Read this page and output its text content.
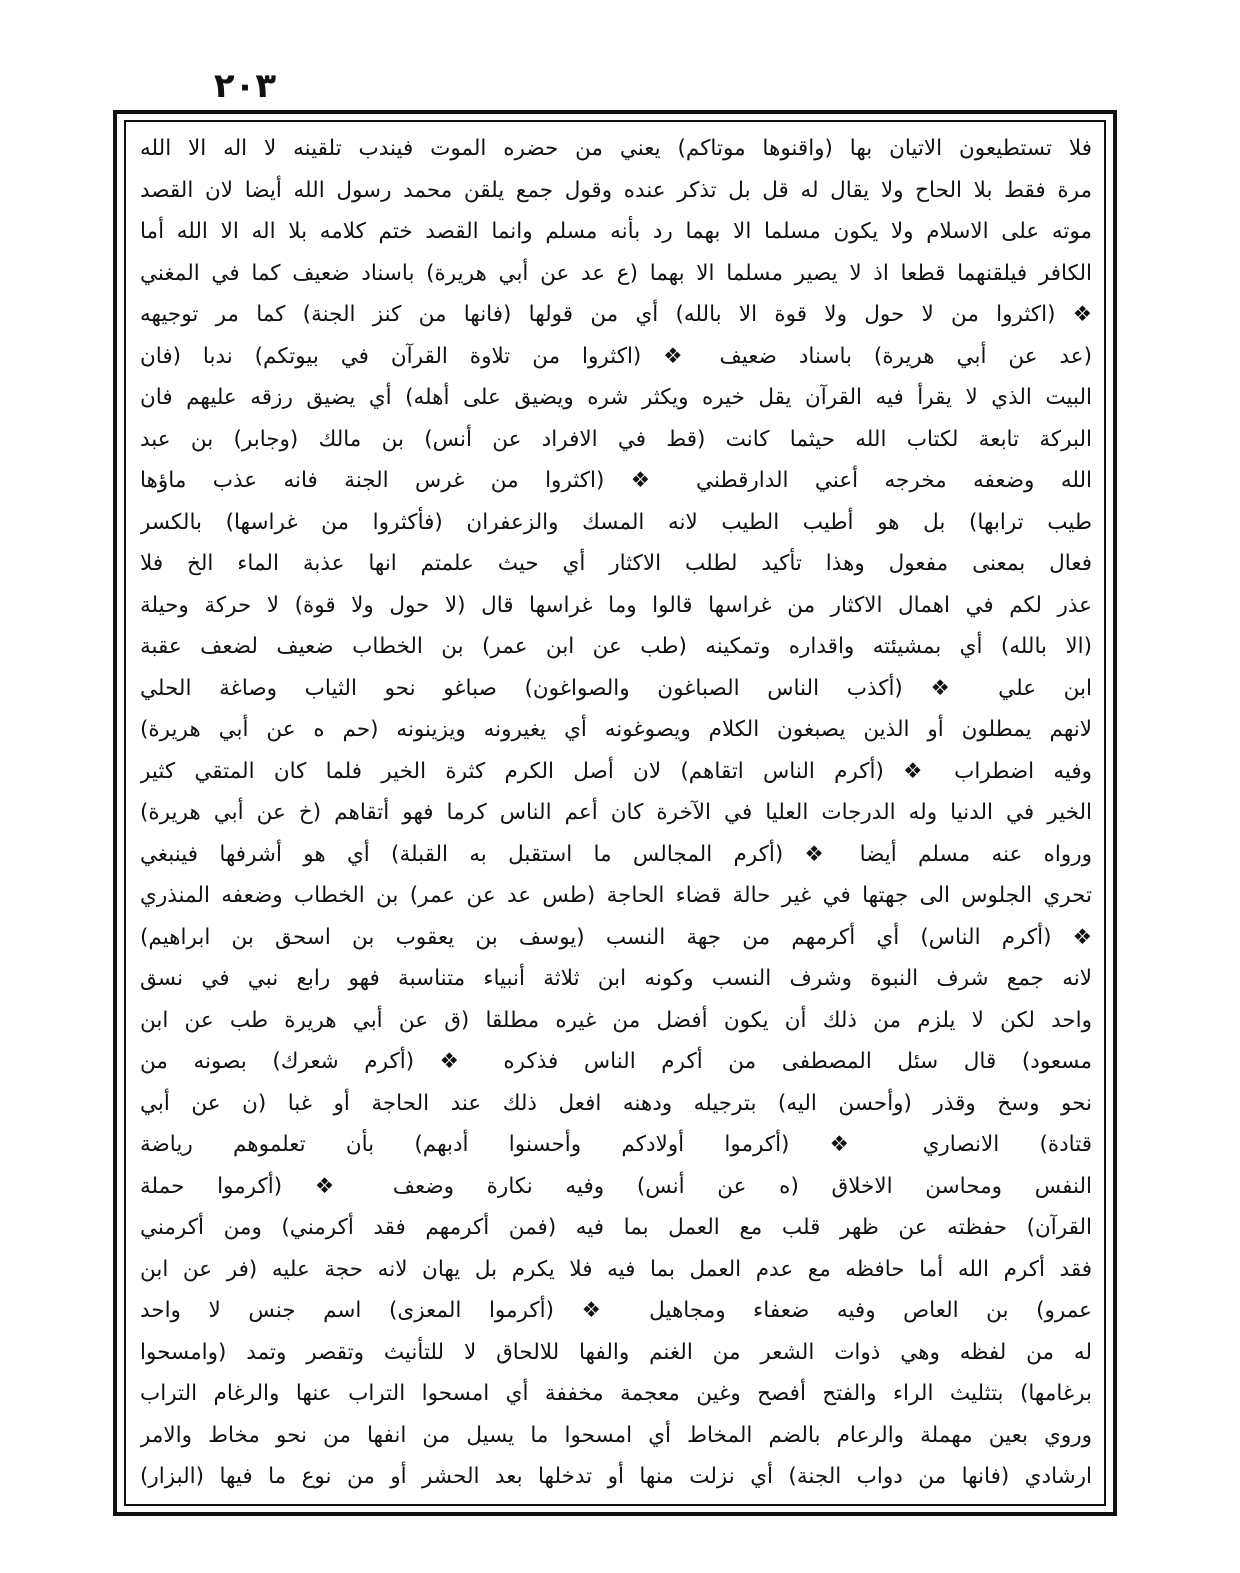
٢٠٣
فلا تستطيعون الاتيان بها (واقنوها موتاكم) يعني من حضره الموت فيندب تلقينه لا اله الا الله
مرة فقط بلا الحاح ولا يقال له قل بل تذكر عنده وقول جمع يلقن محمد رسول الله أيضا لان القصد
موته على الاسلام ولا يكون مسلما الا بهما رد بأنه مسلم وانما القصد ختم كلامه بلا اله الا الله أما
الكافر فيلقنهما قطعا اذ لا يصير مسلما الا بهما (ع عد عن أبي هريرة) باسناد ضعيف كما في المغني
❖ (اكثروا من لا حول ولا قوة الا بالله) أي من قولها (فانها من كنز الجنة) كما مر توجيهه
(عد عن أبي هريرة) باسناد ضعيف ❖ (اكثروا من تلاوة القرآن في بيوتكم) ندبا (فان
البيت الذي لا يقرأ فيه القرآن يقل خيره ويكثر شره ويضيق على أهله) أي يضيق رزقه عليهم فان
البركة تابعة لكتاب الله حيثما كانت (قط في الافراد عن أنس) بن مالك (وجابر) بن عبد
الله وضعفه مخرجه أعني الدارقطني ❖ (اكثروا من غرس الجنة فانه عذب ماؤها
طيب ترابها) بل هو أطيب الطيب لانه المسك والزعفران (فأكثروا من غراسها) بالكسر
فعال بمعنى مفعول وهذا تأكيد لطلب الاكثار أي حيث علمتم انها عذبة الماء الخ فلا
عذر لكم في اهمال الاكثار من غراسها قالوا وما غراسها قال (لا حول ولا قوة) لا حركة وحيلة
(الا بالله) أي بمشيئته واقداره وتمكينه (طب عن ابن عمر) بن الخطاب ضعيف لضعف عقبة
ابن علي ❖ (أكذب الناس الصباغون والصواغون) صباغو نحو الثياب وصاغة الحلي
لانهم يمطلون أو الذين يصبغون الكلام ويصوغونه أي يغيرونه ويزينونه (حم ه عن أبي هريرة)
وفيه اضطراب ❖ (أكرم الناس اتقاهم) لان أصل الكرم كثرة الخير فلما كان المتقي كثير
الخير في الدنيا وله الدرجات العليا في الآخرة كان أعم الناس كرما فهو أتقاهم (خ عن أبي هريرة)
ورواه عنه مسلم أيضا ❖ (أكرم المجالس ما استقبل به القبلة) أي هو أشرفها فينبغي
تحري الجلوس الى جهتها في غير حالة قضاء الحاجة (طس عد عن عمر) بن الخطاب وضعفه المنذري
❖ (أكرم الناس) أي أكرمهم من جهة النسب (يوسف بن يعقوب بن اسحق بن ابراهيم)
لانه جمع شرف النبوة وشرف النسب وكونه ابن ثلاثة أنبياء متناسبة فهو رابع نبي في نسق
واحد لكن لا يلزم من ذلك أن يكون أفضل من غيره مطلقا (ق عن أبي هريرة طب عن ابن
مسعود) قال سئل المصطفى من أكرم الناس فذكره ❖ (أكرم شعرك) بصونه من
نحو وسخ وقذر (وأحسن اليه) بترجيله ودهنه افعل ذلك عند الحاجة أو غبا (ن عن أبي
قتادة) الانصاري ❖ (أكرموا أولادكم وأحسنوا أدبهم) بأن تعلموهم رياضة
النفس ومحاسن الاخلاق (ه عن أنس) وفيه نكارة وضعف ❖ (أكرموا حملة
القرآن) حفظته عن ظهر قلب مع العمل بما فيه (فمن أكرمهم فقد أكرمني) ومن أكرمني
فقد أكرم الله أما حافظه مع عدم العمل بما فيه فلا يكرم بل يهان لانه حجة عليه (فر عن ابن
عمرو) بن العاص وفيه ضعفاء ومجاهيل ❖ (أكرموا المعزى) اسم جنس لا واحد
له من لفظه وهي ذوات الشعر من الغنم والفها للالحاق لا للتأنيث وتقصر وتمد (وامسحوا
برغامها) بتثليث الراء والفتح أفصح وغين معجمة مخففة أي امسحوا التراب عنها والرغام التراب
وروي بعين مهملة والرعام بالضم المخاط أي امسحوا ما يسيل من انفها من نحو مخاط والامر
ارشادي (فانها من دواب الجنة) أي نزلت منها أو تدخلها بعد الحشر أو من نوع ما فيها (البزار)
